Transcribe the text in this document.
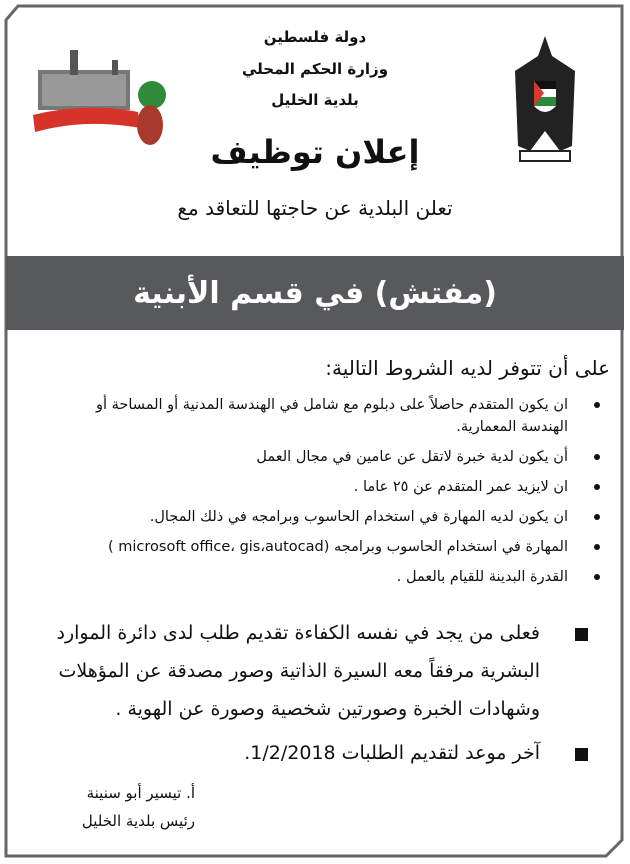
دولة فلسطين
وزارة الحكم المحلي
بلدية الخليل
إعلان توظيف
تعلن البلدية عن حاجتها للتعاقد مع
(مفتش) في قسم الأبنية
على أن تتوفر لديه الشروط التالية:
ان يكون المتقدم حاصلاً على دبلوم مع شامل في الهندسة المدنية أو المساحة أو الهندسة المعمارية.
أن يكون لدية خبرة لاتقل عن عامين في مجال العمل
ان لايزيد عمر المتقدم عن ٢٥ عاما .
ان يكون لديه المهارة في استخدام الحاسوب وبرامجه في ذلك المجال.
المهارة في استخدام الحاسوب وبرامجه (microsoft office، gis،autocad )
القدرة البدينة للقيام بالعمل .
فعلى من يجد في نفسه الكفاءة تقديم طلب لدى دائرة الموارد البشرية مرفقاً معه السيرة الذاتية وصور مصدقة عن المؤهلات وشهادات الخبرة وصورتين شخصية وصورة عن الهوية .
آخر موعد لتقديم الطلبات 1/2/2018.
أ. تيسير أبو سنينة
رئيس بلدية الخليل
